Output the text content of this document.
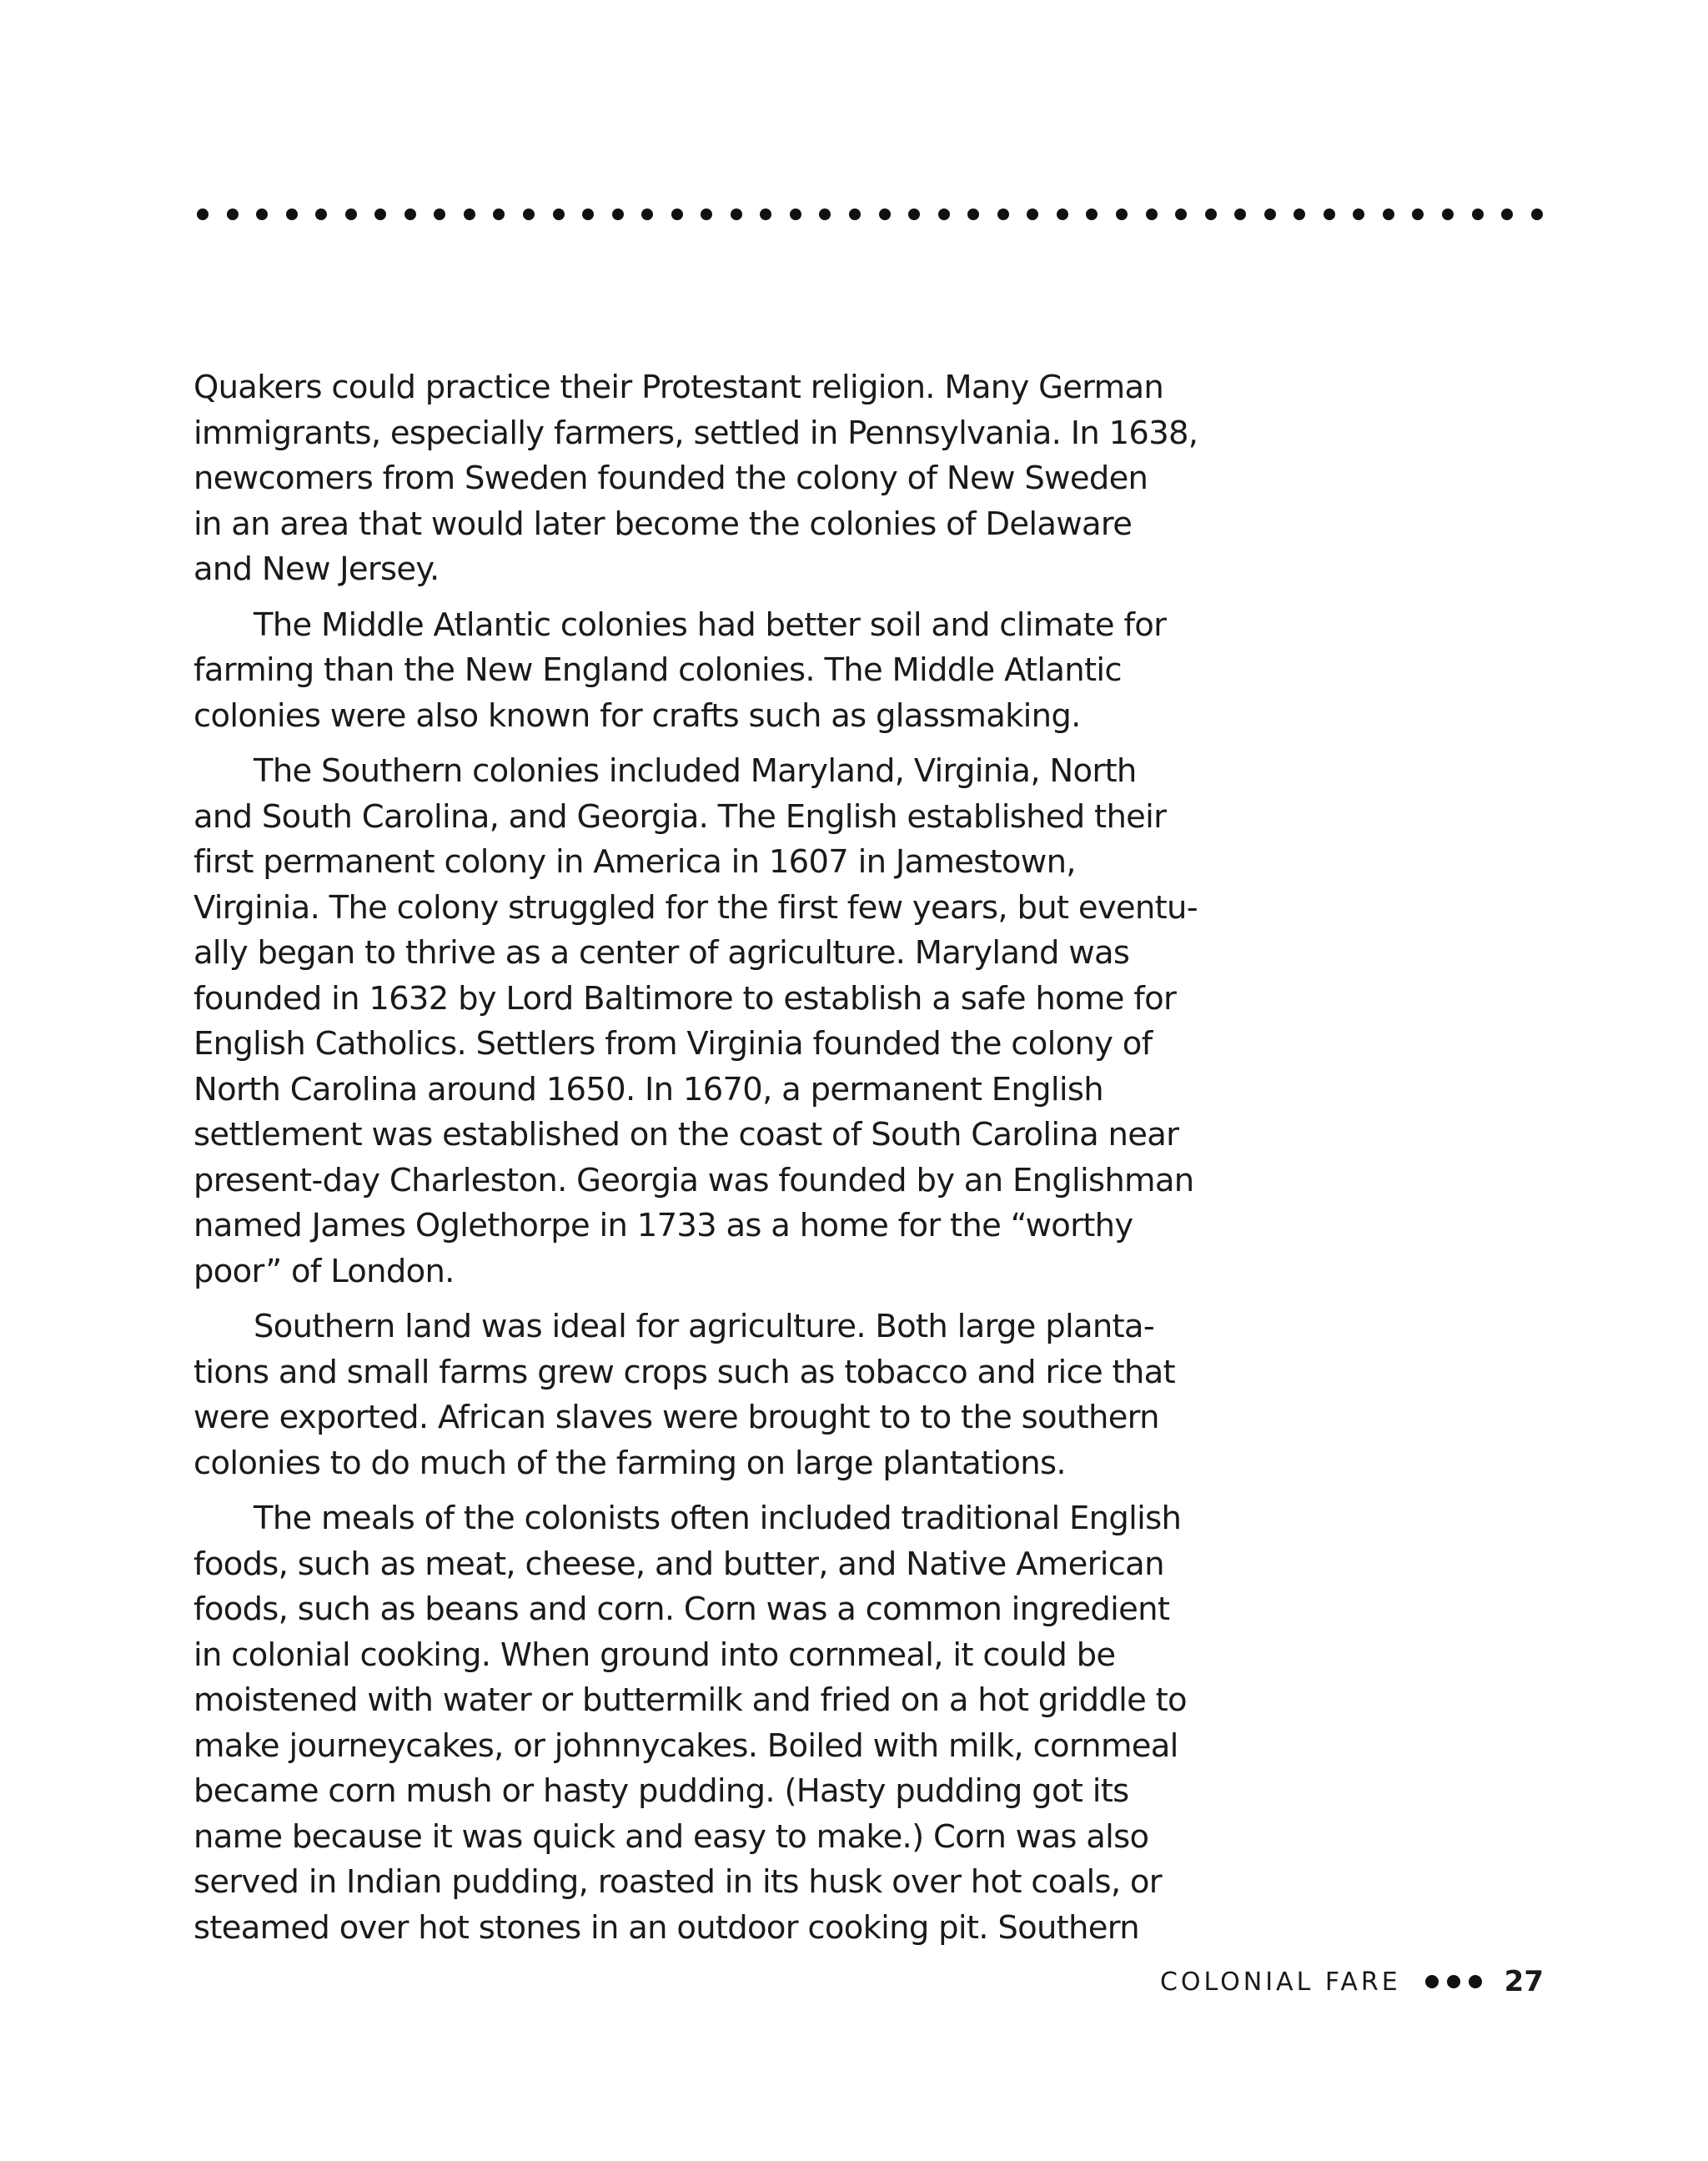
Quakers could practice their Protestant religion. Many German
immigrants, especially farmers, settled in Pennsylvania. In 1638,
newcomers from Sweden founded the colony of New Sweden
in an area that would later become the colonies of Delaware
and New Jersey.

The Middle Atlantic colonies had better soil and climate for
farming than the New England colonies. The Middle Atlantic
colonies were also known for crafts such as glassmaking.

The Southern colonies included Maryland, Virginia, North
and South Carolina, and Georgia. The English established their
first permanent colony in America in 1607 in Jamestown,
Virginia. The colony struggled for the first few years, but eventu-
ally began to thrive as a center of agriculture. Maryland was
founded in 1632 by Lord Baltimore to establish a safe home for
English Catholics. Settlers from Virginia founded the colony of
North Carolina around 1650. In 1670, a permanent English
settlement was established on the coast of South Carolina near
present-day Charleston. Georgia was founded by an Englishman
named James Oglethorpe in 1733 as a home for the “worthy
poor” of London.

Southern land was ideal for agriculture. Both large planta-
tions and small farms grew crops such as tobacco and rice that
were exported. African slaves were brought to to the southern
colonies to do much of the farming on large plantations.

The meals of the colonists often included traditional English
foods, such as meat, cheese, and butter, and Native American
foods, such as beans and corn. Corn was a common ingredient
in colonial cooking. When ground into cornmeal, it could be
moistened with water or buttermilk and fried on a hot griddle to
make journeycakes, or johnnycakes. Boiled with milk, cornmeal
became corn mush or hasty pudding. (Hasty pudding got its
name because it was quick and easy to make.) Corn was also
served in Indian pudding, roasted in its husk over hot coals, or
steamed over hot stones in an outdoor cooking pit. Southern

COLONIAL FARE	27
